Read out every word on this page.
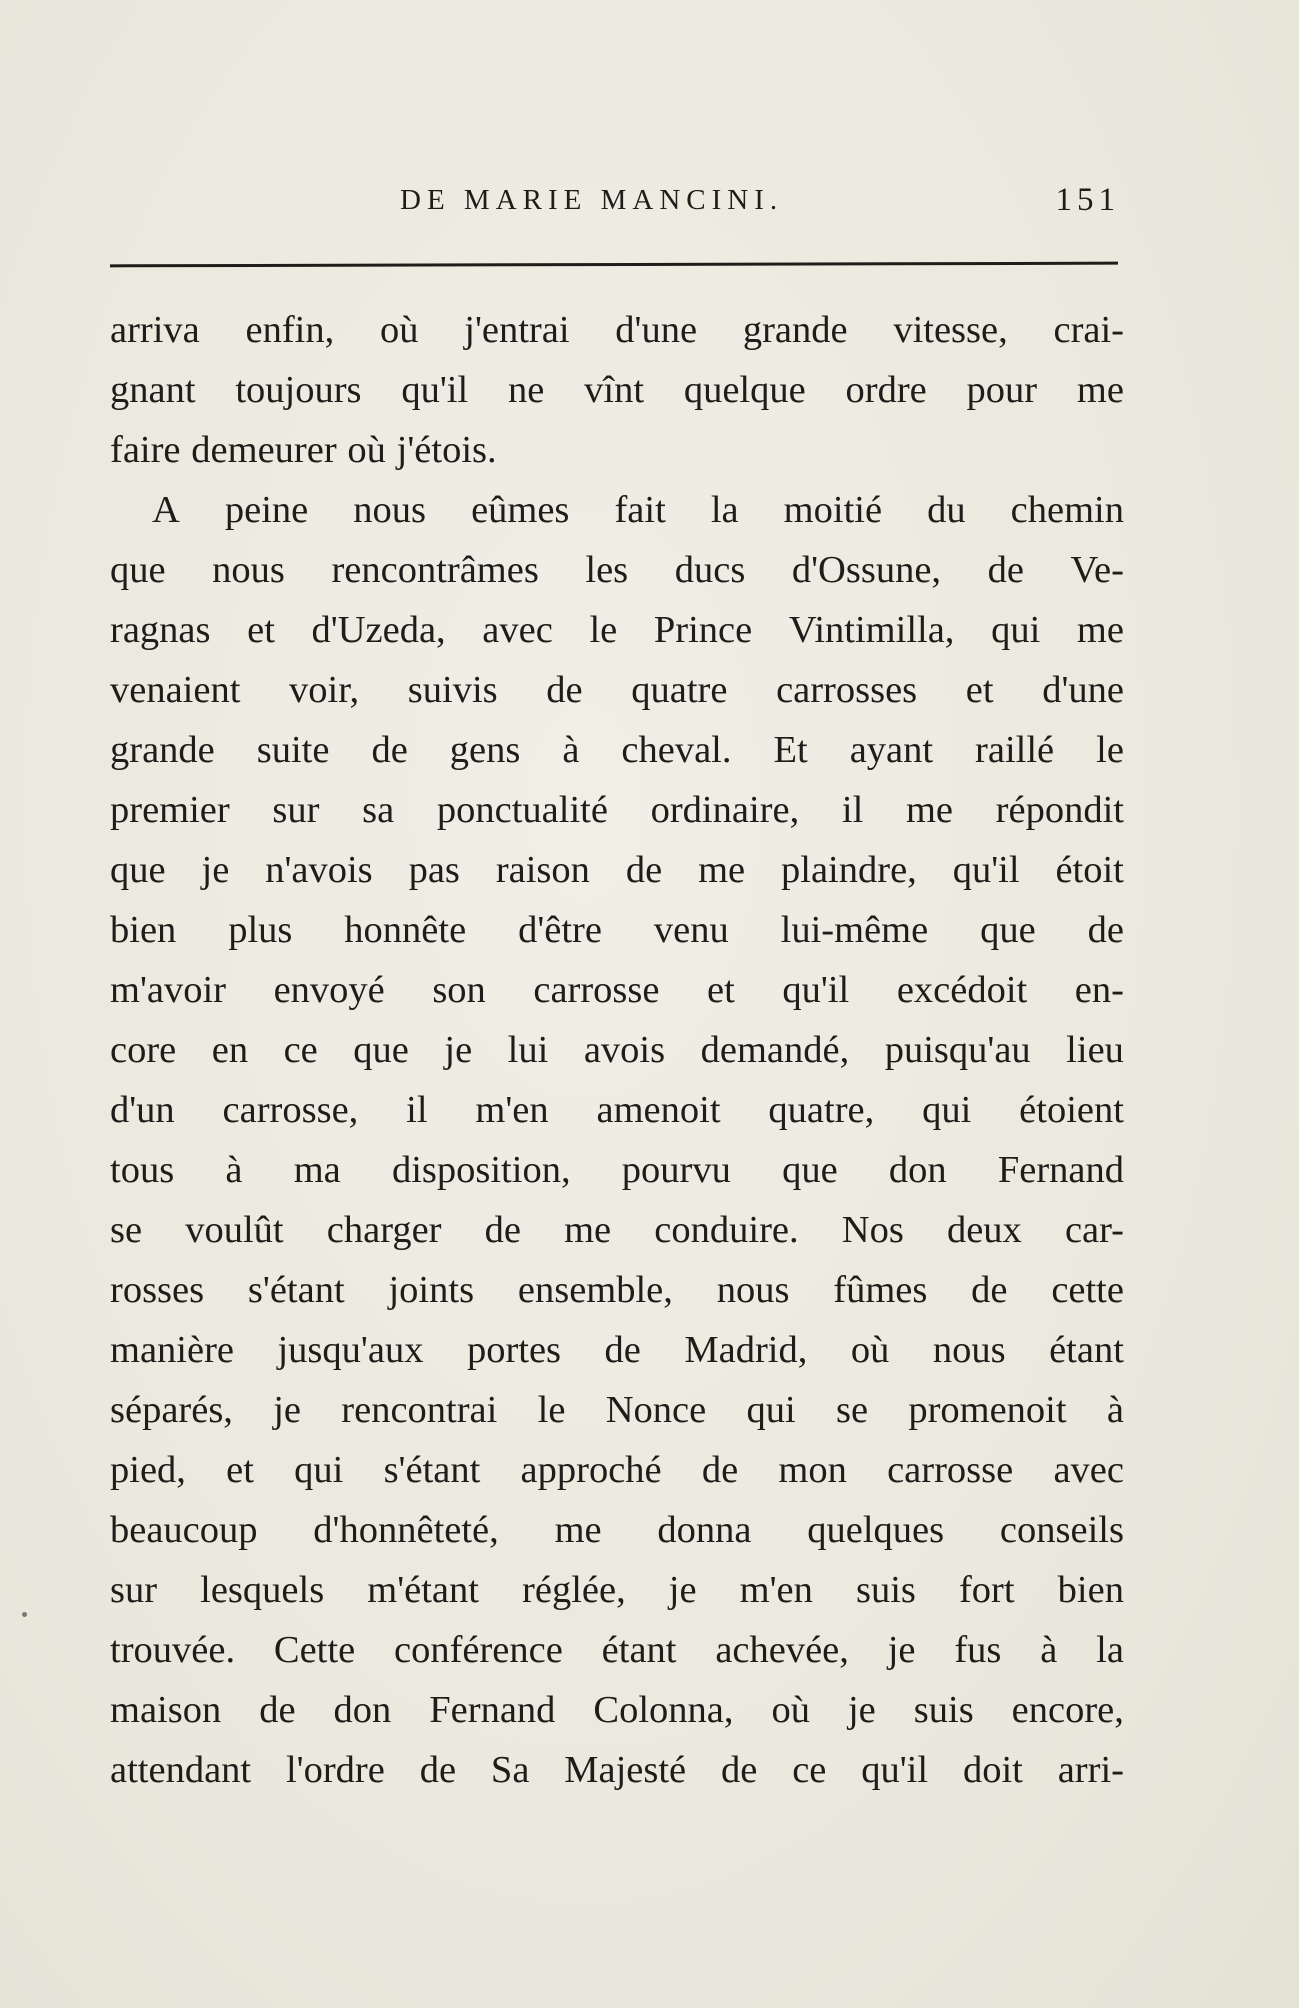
DE MARIE MANCINI.	151
arriva enfin, où j'entrai d'une grande vitesse, crai-
gnant toujours qu'il ne vînt quelque ordre pour me
faire demeurer où j'étois.
A peine nous eûmes fait la moitié du chemin
que nous rencontrâmes les ducs d'Ossune, de Ve-
ragnas et d'Uzeda, avec le Prince Vintimilla, qui me
venaient voir, suivis de quatre carrosses et d'une
grande suite de gens à cheval. Et ayant raillé le
premier sur sa ponctualité ordinaire, il me répondit
que je n'avois pas raison de me plaindre, qu'il étoit
bien plus honnête d'être venu lui-même que de
m'avoir envoyé son carrosse et qu'il excédoit en-
core en ce que je lui avois demandé, puisqu'au lieu
d'un carrosse, il m'en amenoit quatre, qui étoient
tous à ma disposition, pourvu que don Fernand
se voulût charger de me conduire. Nos deux car-
rosses s'étant joints ensemble, nous fûmes de cette
manière jusqu'aux portes de Madrid, où nous étant
séparés, je rencontrai le Nonce qui se promenoit à
pied, et qui s'étant approché de mon carrosse avec
beaucoup d'honnêteté, me donna quelques conseils
sur lesquels m'étant réglée, je m'en suis fort bien
trouvée. Cette conférence étant achevée, je fus à la
maison de don Fernand Colonna, où je suis encore,
attendant l'ordre de Sa Majesté de ce qu'il doit arri-
